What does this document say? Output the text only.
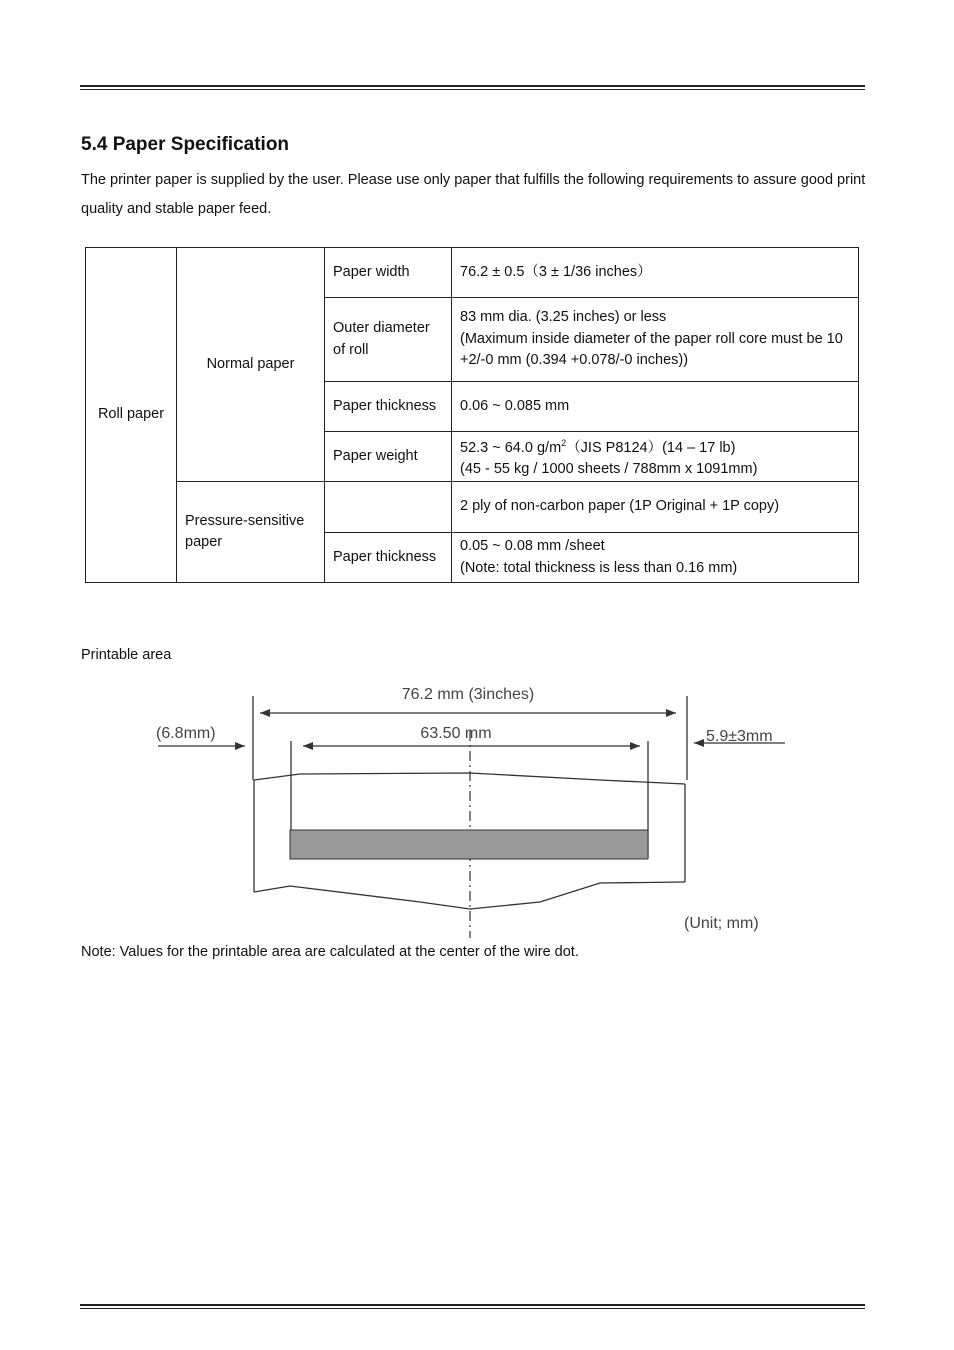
5.4 Paper Specification

The printer paper is supplied by the user. Please use only paper that fulfills the following requirements to assure good print quality and stable paper feed.

Roll paper	Normal paper	Paper width	76.2 ± 0.5（3 ± 1/36 inches）
		Outer diameter of roll	83 mm dia. (3.25 inches) or less
(Maximum inside diameter of the paper roll core must be 10 +2/-0 mm (0.394 +0.078/-0 inches))

		Paper thickness	0.06 ~ 0.085 mm
		Paper weight	52.3 ~ 64.0 $g/m^2(JIS$ P8124）(14 – 17 lb)
(45 - 55 kg / 1000 sheets / 788mm x 1091mm)

	Pressure-sensitive paper		2 ply of non-carbon paper (1P Original + 1P copy)
		Paper thickness	0.05 ~ 0.08 mm /sheet
(Note: total thickness is less than 0.16 mm)

Printable area

76.2 mm (3inches)
63.50 mm
(6.8mm)	5.9±3mm
(Unit; mm)

Note: Values for the printable area are calculated at the center of the wire dot.
